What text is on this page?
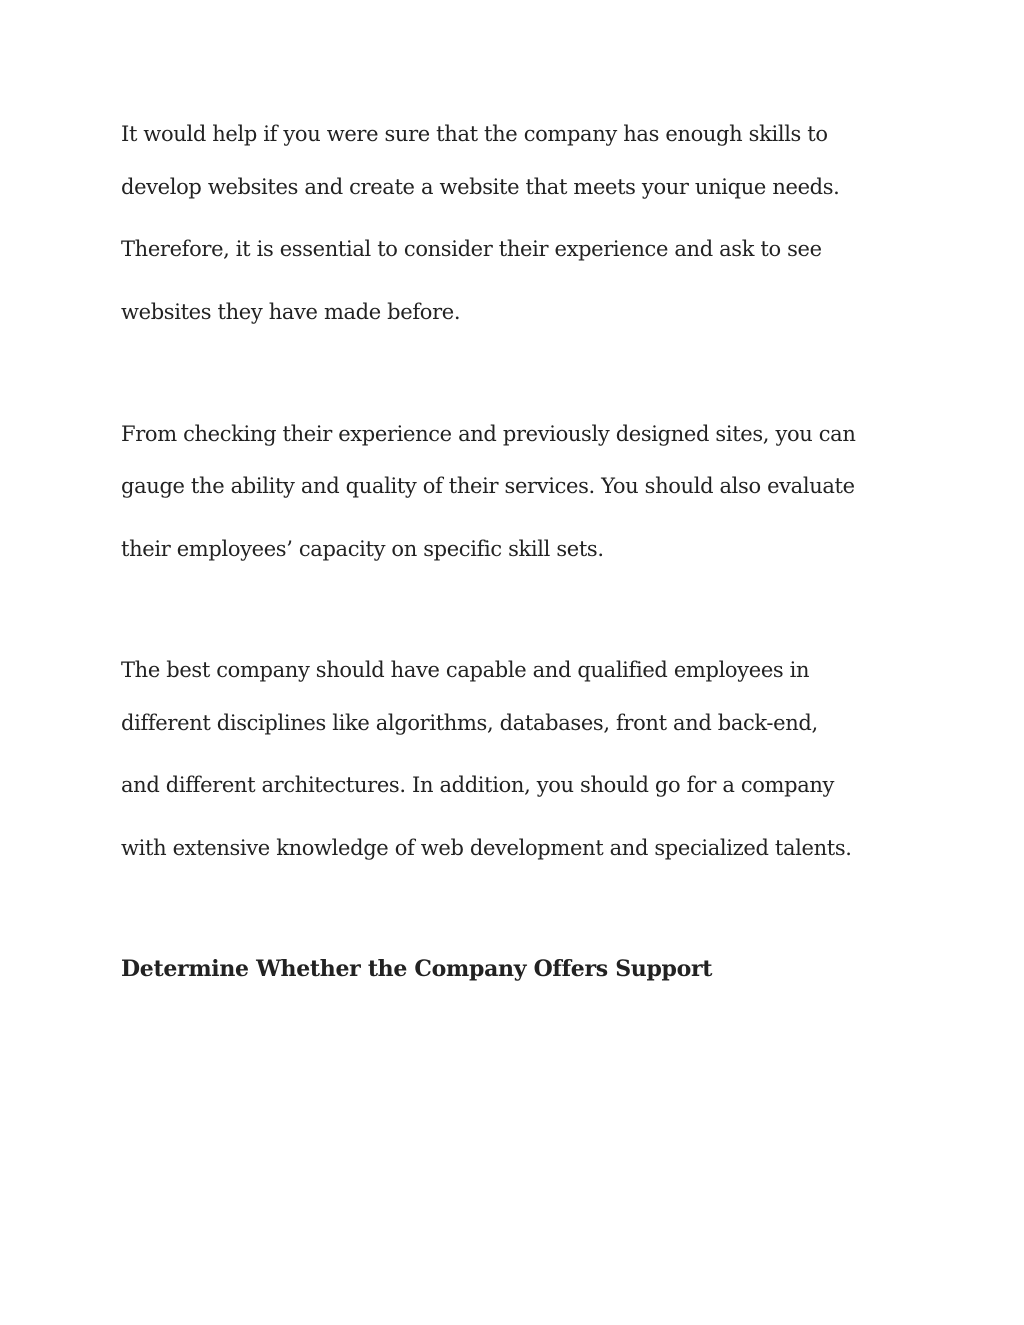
It would help if you were sure that the company has enough skills to

develop websites and create a website that meets your unique needs.

Therefore, it is essential to consider their experience and ask to see

websites they have made before.

From checking their experience and previously designed sites, you can

gauge the ability and quality of their services. You should also evaluate

their employees’ capacity on specific skill sets.

The best company should have capable and qualified employees in

different disciplines like algorithms, databases, front and back-end,

and different architectures. In addition, you should go for a company

with extensive knowledge of web development and specialized talents.

Determine Whether the Company Offers Support
